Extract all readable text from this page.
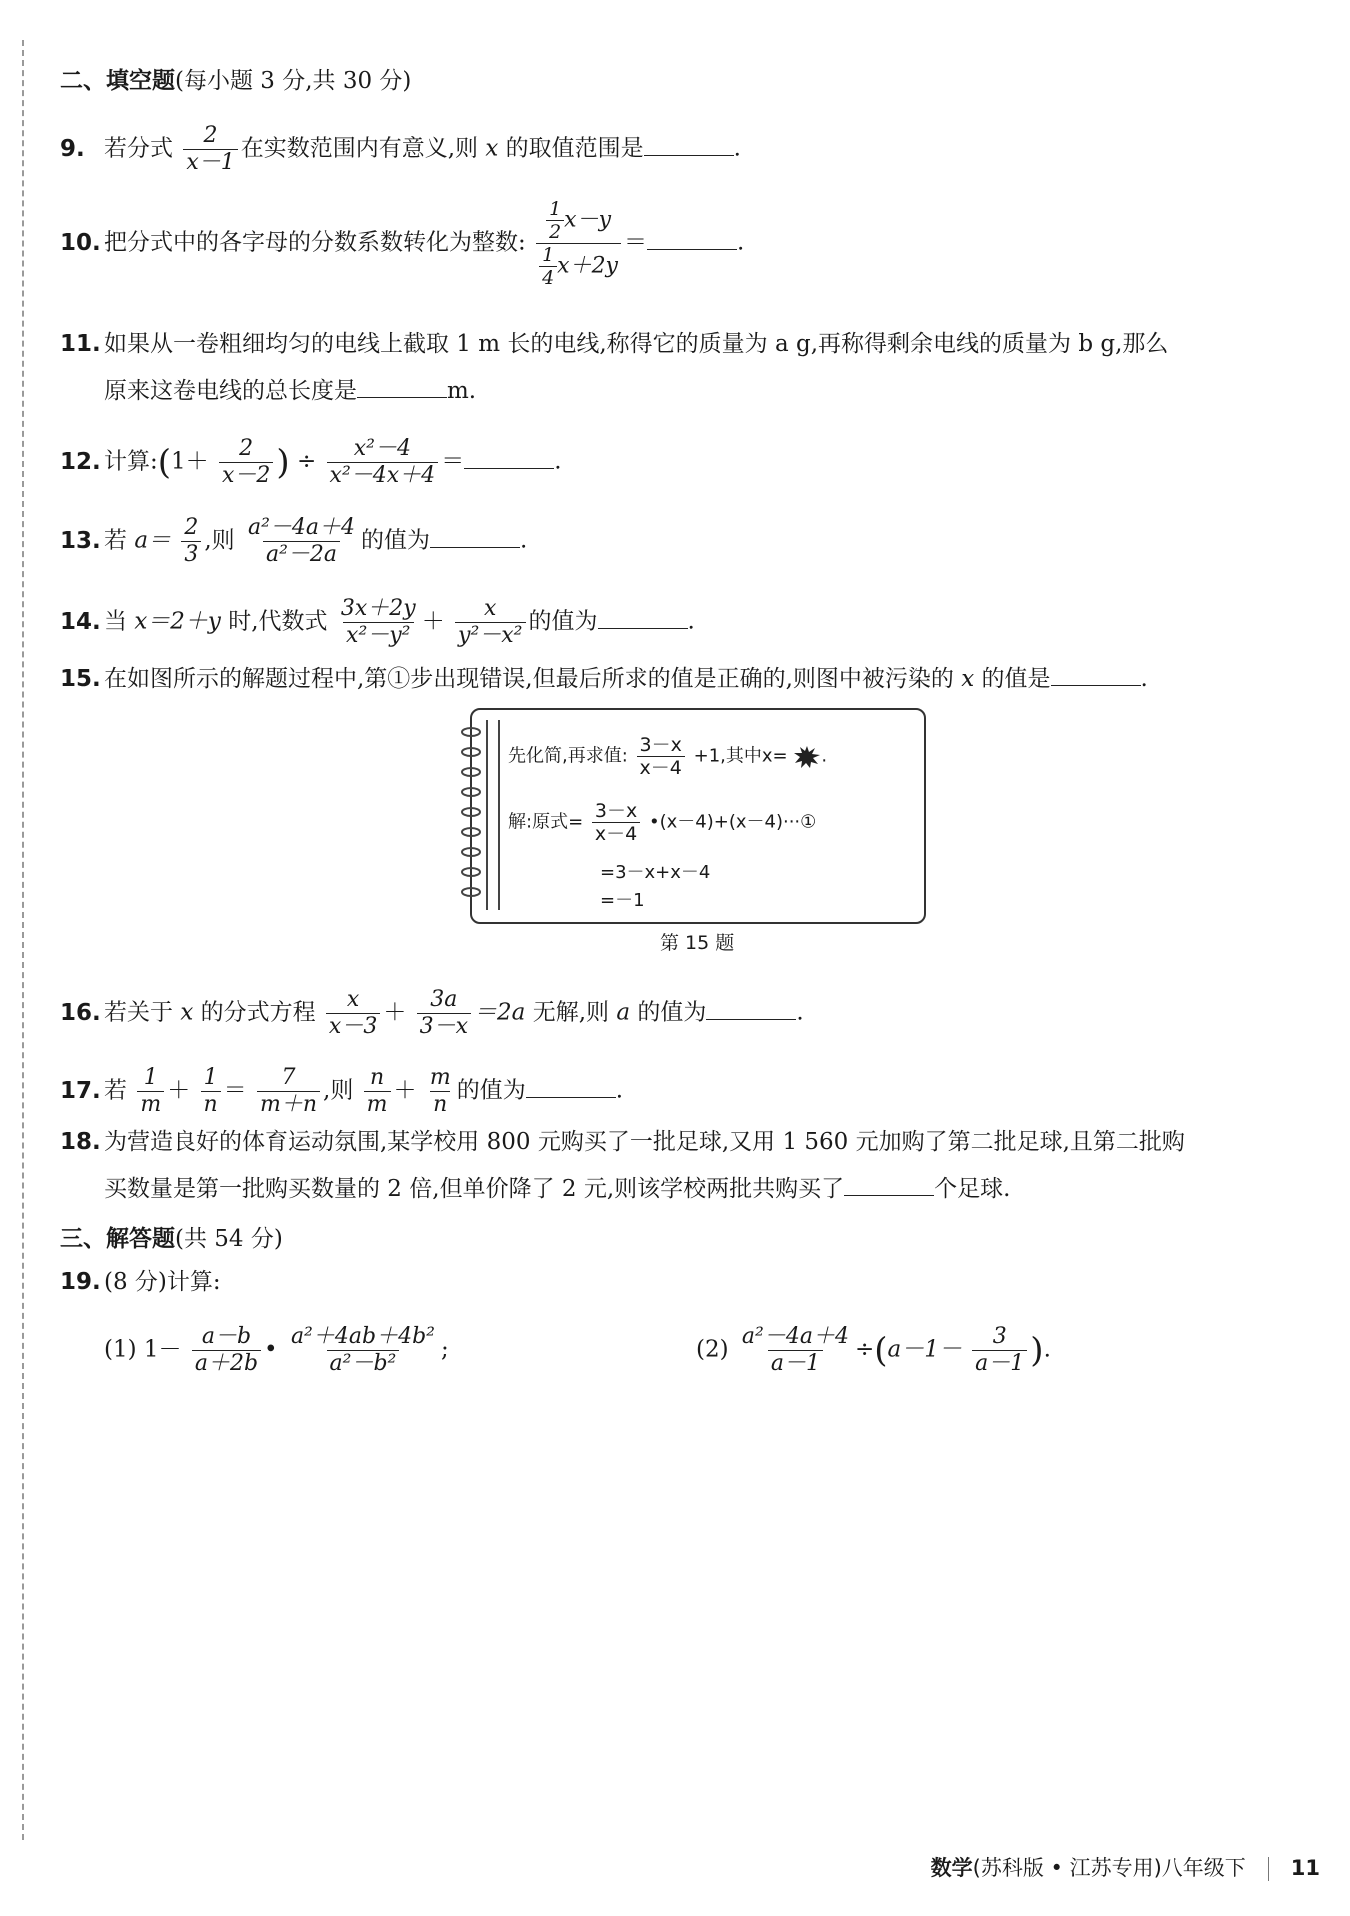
二、填空题(每小题 3 分,共 30 分)
9. 若分式 $\frac{2}{x-1}$ 在实数范围内有意义,则 x 的取值范围是	.
10. 把分式中的各字母的分数系数转化为整数: $\frac{\frac{1}{2} x-y}{\frac{1}{4} x+2y}$ ＝	.
11. 如果从一卷粗细均匀的电线上截取 1 m 长的电线,称得它的质量为 a g,再称得剩余电线的质量为 b g,那么
原来这卷电线的总长度是	m.
12. 计算:(1＋ $\frac{2}{x-2}$ ) ÷ $\frac{\text{x²－4}}{\text{x²－4x＋4}}$ ＝	.
13. 若 $a= \frac{2}{3}$ ,则 $\frac{\text{a²－4a＋4}}{\text{a²－2a}}$ 的值为	.
14. 当 x＝2＋y 时,代数式 $\frac{3x+2y}{\text{x²－y²}} + \frac{x}{\text{y²－x²}}$ 的值为	.
15. 在如图所示的解题过程中,第①步出现错误,但最后所求的值是正确的,则图中被污染的 x 的值是	.
先化简,再求值: $\frac{3-x}{x-4} +1$,其中x= .
解:原式= $\frac{3-x}{x-4}$ •(x－4)+(x－4)···①
=3－x+x－4
=－1
第 15 题
16. 若关于 x 的分式方程 $\frac{x}{x-3} + \frac{3a}{3-x} =2a$ 无解,则 a 的值为	.
17. 若 $\frac{1}{m} + \frac{1}{n} = \frac{7}{m+n}$ ,则 $\frac{n}{m} + \frac{m}{n}$ 的值为	.
18. 为营造良好的体育运动氛围,某学校用 800 元购买了一批足球,又用 1 560 元加购了第二批足球,且第二批购
买数量是第一批购买数量的 2 倍,但单价降了 2 元,则该学校两批共购买了	个足球.
三、解答题(共 54 分)
19. (8 分)计算:
(1) $1- \frac{a-b}{a+2b}$ • $\frac{\text{a²＋4ab＋4b²}}{\text{a²－b²}}$ ;	$(2) \frac{\text{a²－4a＋4}}{a-1} \div(a-1- \frac{3}{a-1}$ ).
数学(苏科版 • 江苏专用)八年级下 11
